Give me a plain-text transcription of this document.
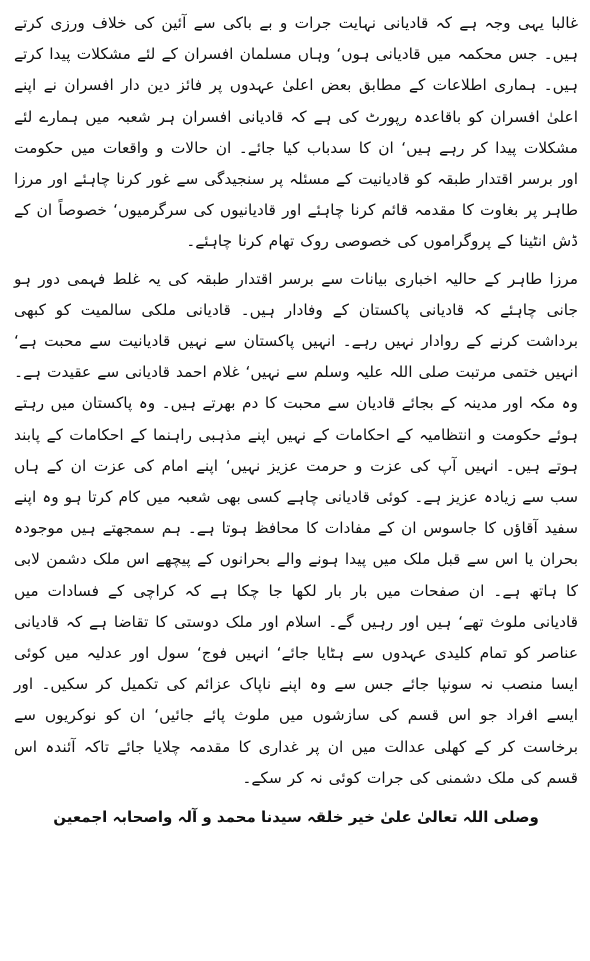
غالبا یہی وجہ ہے کہ قادیانی نہایت جرات و بے باکی سے آئین کی خلاف ورزی کرتے ہیں۔ جس محکمہ میں قادیانی ہوں‘ وہاں مسلمان افسران کے لئے مشکلات پیدا کرتے ہیں۔ ہماری اطلاعات کے مطابق بعض اعلیٰ عہدوں پر فائز دین دار افسران نے اپنے اعلیٰ افسران کو باقاعدہ رپورٹ کی ہے کہ قادیانی افسران ہر شعبہ میں ہمارے لئے مشکلات پیدا کر رہے ہیں‘ ان کا سدباب کیا جائے۔ ان حالات و واقعات میں حکومت اور برسر اقتدار طبقہ کو قادیانیت کے مسئلہ پر سنجیدگی سے غور کرنا چاہئے اور مرزا طاہر پر بغاوت کا مقدمہ قائم کرنا چاہئے اور قادیانیوں کی سرگرمیوں‘ خصوصاً ان کے ڈش انٹینا کے پروگراموں کی خصوصی روک تھام کرنا چاہئے۔

مرزا طاہر کے حالیہ اخباری بیانات سے برسر اقتدار طبقہ کی یہ غلط فہمی دور ہو جانی چاہئے کہ قادیانی پاکستان کے وفادار ہیں۔ قادیانی ملکی سالمیت کو کبھی برداشت کرنے کے روادار نہیں رہے۔ انہیں پاکستان سے نہیں قادیانیت سے محبت ہے‘ انہیں ختمی مرتبت صلی اللہ علیہ وسلم سے نہیں‘ غلام احمد قادیانی سے عقیدت ہے۔ وہ مکہ اور مدینہ کے بجائے قادیان سے محبت کا دم بھرتے ہیں۔ وہ پاکستان میں رہتے ہوئے حکومت و انتظامیہ کے احکامات کے نہیں اپنے مذہبی راہنما کے احکامات کے پابند ہوتے ہیں۔ انہیں آپ کی عزت و حرمت عزیز نہیں‘ اپنے امام کی عزت ان کے ہاں سب سے زیادہ عزیز ہے۔ کوئی قادیانی چاہے کسی بھی شعبہ میں کام کرتا ہو وہ اپنے سفید آقاؤں کا جاسوس ان کے مفادات کا محافظ ہوتا ہے۔ ہم سمجھتے ہیں موجودہ بحران یا اس سے قبل ملک میں پیدا ہونے والے بحرانوں کے پیچھے اس ملک دشمن لابی کا ہاتھ ہے۔ ان صفحات میں بار بار لکھا جا چکا ہے کہ کراچی کے فسادات میں قادیانی ملوث تھے‘ ہیں اور رہیں گے۔ اسلام اور ملک دوستی کا تقاضا ہے کہ قادیانی عناصر کو تمام کلیدی عہدوں سے ہٹایا جائے‘ انہیں فوج‘ سول اور عدلیہ میں کوئی ایسا منصب نہ سونپا جائے جس سے وہ اپنے ناپاک عزائم کی تکمیل کر سکیں۔ اور ایسے افراد جو اس قسم کی سازشوں میں ملوث پائے جائیں‘ ان کو نوکریوں سے برخاست کر کے کھلی عدالت میں ان پر غداری کا مقدمہ چلایا جائے تاکہ آئندہ اس قسم کی ملک دشمنی کی جرات کوئی نہ کر سکے۔

وصلی اللہ تعالیٰ علیٰ خیر خلقہ سیدنا محمد و آلہ واصحابہ اجمعین
